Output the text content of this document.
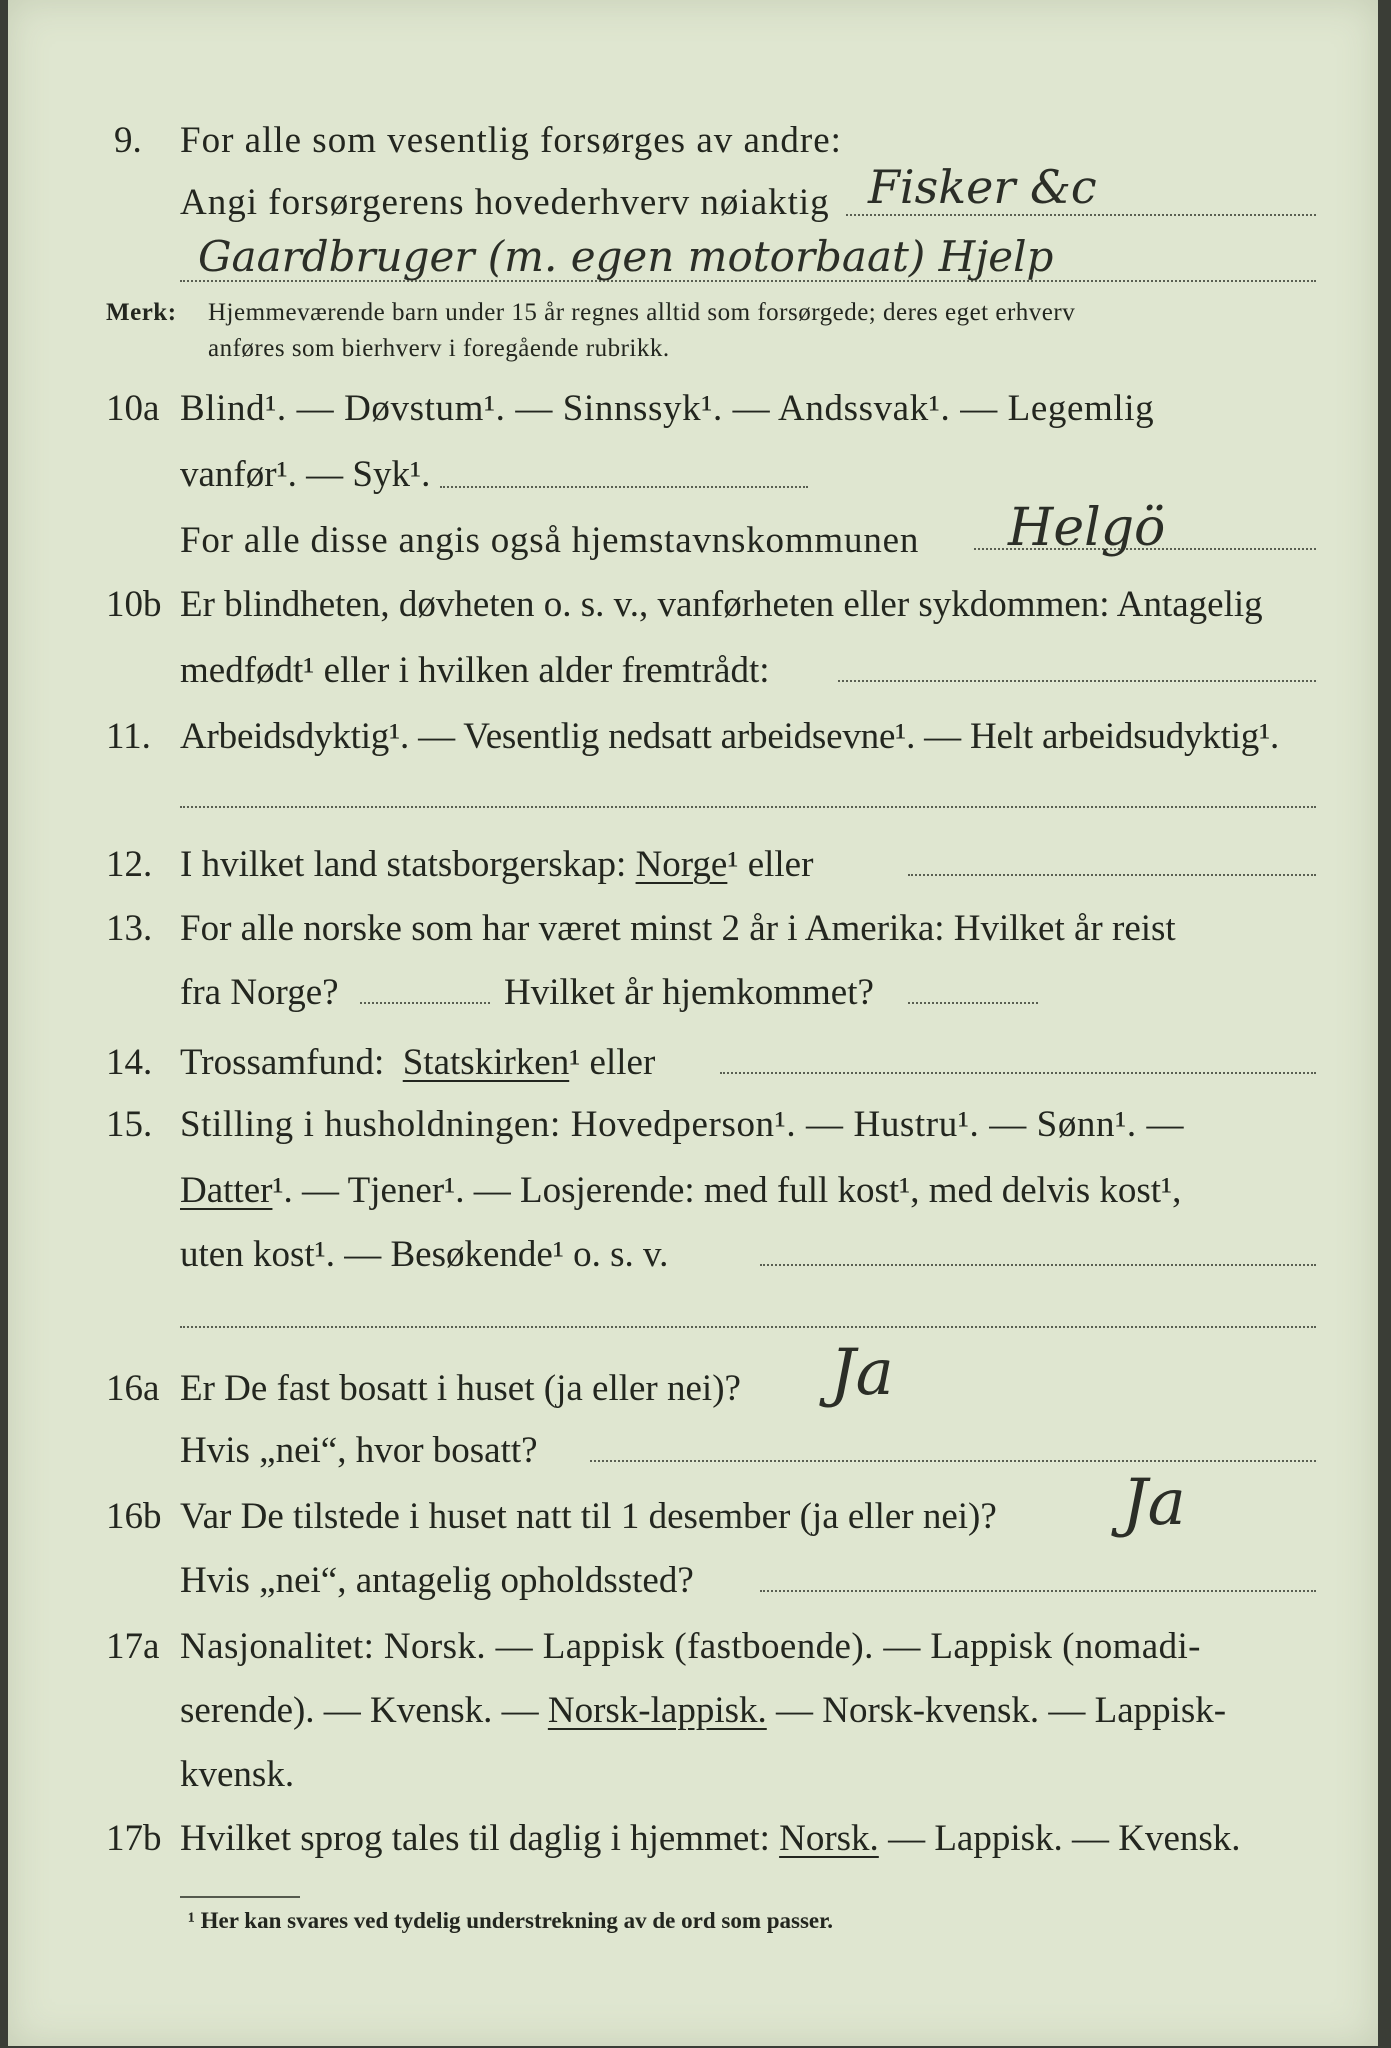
9. For alle som vesentlig forsørges av andre:
Angi forsørgerens hovederhverv nøiaktig Fisker &c
Gaardbruger (m. egen motorbaat) Hjelp
Merk: Hjemmeværende barn under 15 år regnes alltid som forsørgede; deres eget erhverv
anføres som bierhverv i foregående rubrikk.
10a Blind¹. — Døvstum¹. — Sinnssyk¹. — Andssvak¹. — Legemlig
vanfør¹. — Syk¹.
For alle disse angis også hjemstavnskommunen Helgö
10b Er blindheten, døvheten o. s. v., vanførheten eller sykdommen: Antagelig
medfødt¹ eller i hvilken alder fremtrådt:
11. Arbeidsdyktig¹. — Vesentlig nedsatt arbeidsevne¹. — Helt arbeidsudyktig¹.
12. I hvilket land statsborgerskap: Norge¹ eller
13. For alle norske som har været minst 2 år i Amerika: Hvilket år reist
fra Norge?	Hvilket år hjemkommet?
14. Trossamfund: Statskirken¹ eller
15. Stilling i husholdningen: Hovedperson¹. — Hustru¹. — Sønn¹. —
Datter¹. — Tjener¹. — Losjerende: med full kost¹, med delvis kost¹,
uten kost¹. — Besøkende¹ o. s. v.
16a Er De fast bosatt i huset (ja eller nei)? Ja
Hvis „nei“, hvor bosatt?
16b Var De tilstede i huset natt til 1 desember (ja eller nei)? Ja
Hvis „nei“, antagelig opholdssted?
17a Nasjonalitet: Norsk. — Lappisk (fastboende). — Lappisk (nomadi-
serende). — Kvensk. — Norsk-lappisk. — Norsk-kvensk. — Lappisk-
kvensk.
17b Hvilket sprog tales til daglig i hjemmet: Norsk. — Lappisk. — Kvensk.
¹ Her kan svares ved tydelig understrekning av de ord som passer.
